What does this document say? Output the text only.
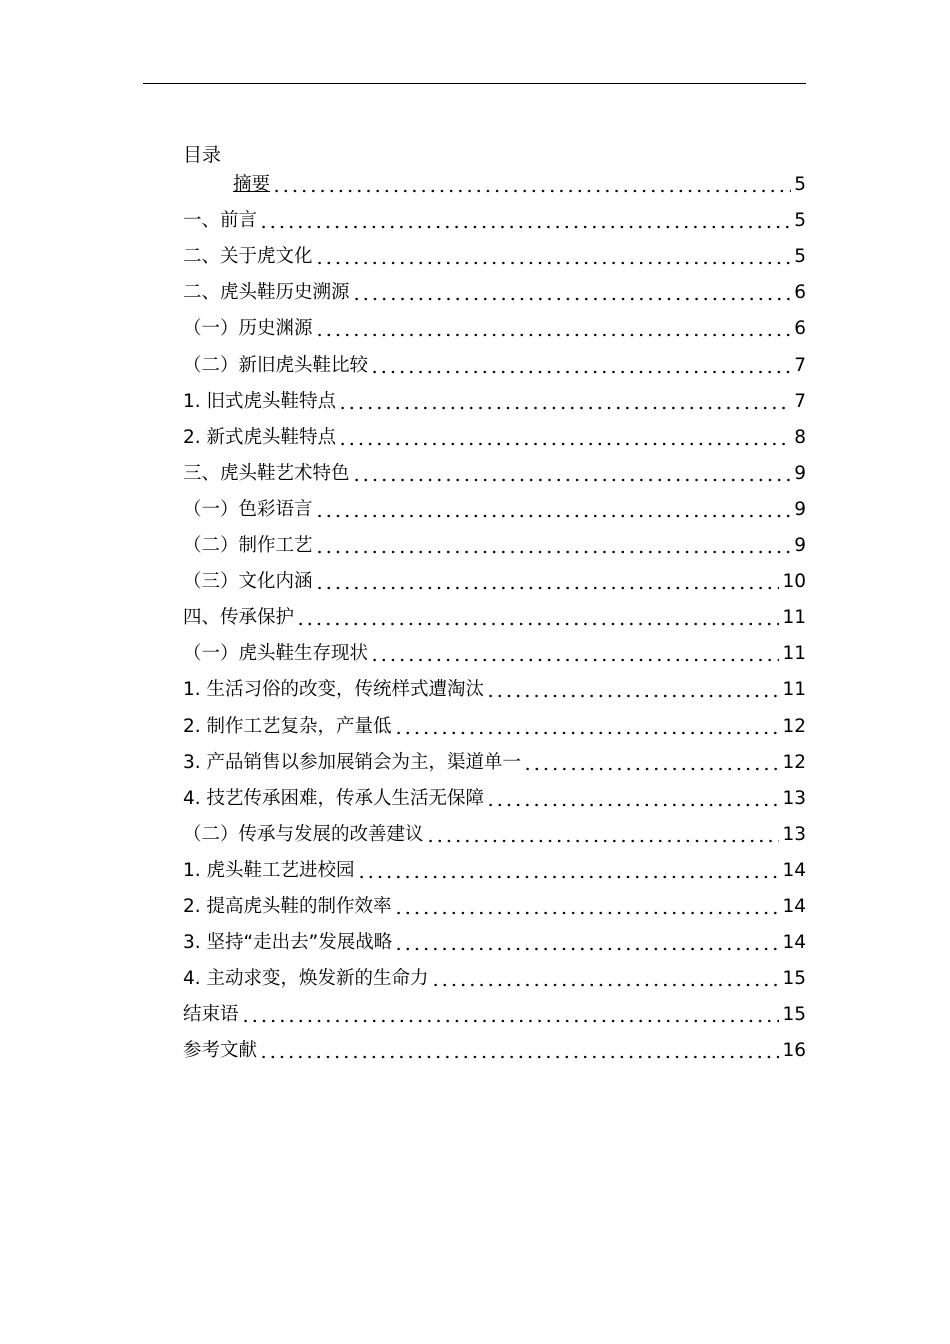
目录
摘要	5
一、前言	5
二、关于虎文化	5
二、虎头鞋历史溯源	6
（一）历史渊源	6
（二）新旧虎头鞋比较	7
1. 旧式虎头鞋特点	7
2. 新式虎头鞋特点	8
三、虎头鞋艺术特色	9
（一）色彩语言	9
（二）制作工艺	9
（三）文化内涵	10
四、传承保护	11
（一）虎头鞋生存现状	11
1. 生活习俗的改变，传统样式遭淘汰	11
2. 制作工艺复杂，产量低	12
3. 产品销售以参加展销会为主，渠道单一	12
4. 技艺传承困难，传承人生活无保障	13
（二）传承与发展的改善建议	13
1. 虎头鞋工艺进校园	14
2. 提高虎头鞋的制作效率	14
3. 坚持“走出去”发展战略	14
4. 主动求变，焕发新的生命力	15
结束语	15
参考文献	16
